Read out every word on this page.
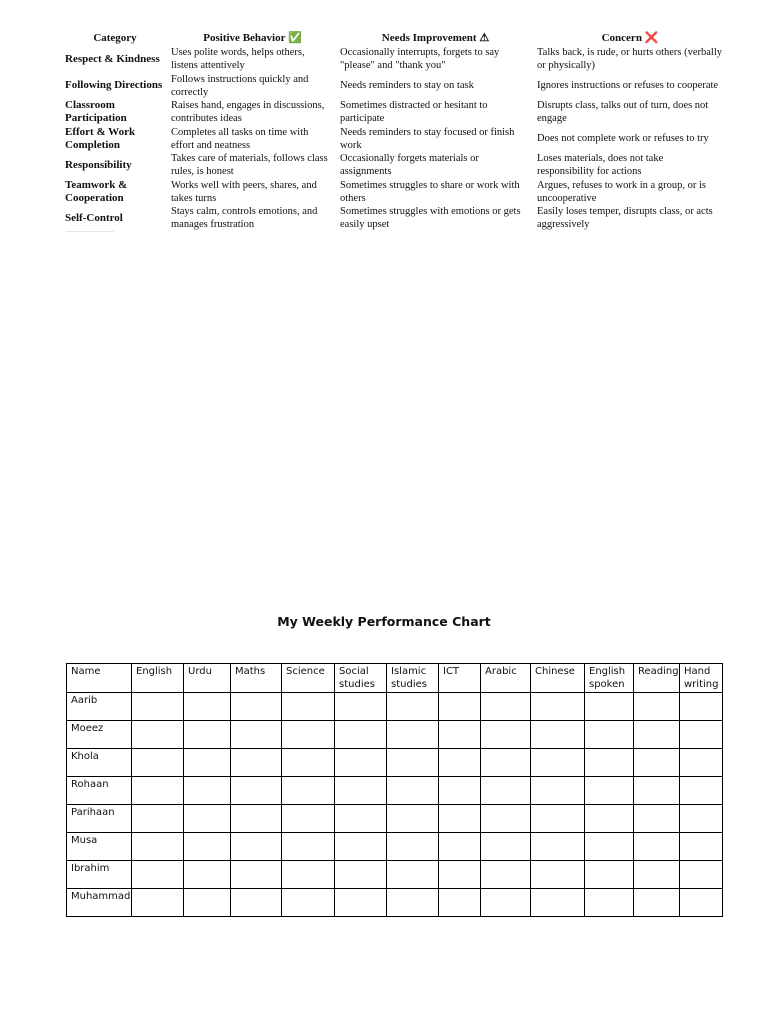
Category	Positive Behavior ✅	Needs Improvement ⚠	Concern ❌
Respect & Kindness	Uses polite words, helps others, listens attentively	Occasionally interrupts, forgets to say "please" and "thank you"	Talks back, is rude, or hurts others (verbally or physically)
Following Directions	Follows instructions quickly and correctly	Needs reminders to stay on task	Ignores instructions or refuses to cooperate
Classroom Participation	Raises hand, engages in discussions, contributes ideas	Sometimes distracted or hesitant to participate	Disrupts class, talks out of turn, does not engage
Effort & Work Completion	Completes all tasks on time with effort and neatness	Needs reminders to stay focused or finish work	Does not complete work or refuses to try
Responsibility	Takes care of materials, follows class rules, is honest	Occasionally forgets materials or assignments	Loses materials, does not take responsibility for actions
Teamwork & Cooperation	Works well with peers, shares, and takes turns	Sometimes struggles to share or work with others	Argues, refuses to work in a group, or is uncooperative
Self-Control	Stays calm, controls emotions, and manages frustration	Sometimes struggles with emotions or gets easily upset	Easily loses temper, disrupts class, or acts aggressively
My Weekly Performance Chart
Name	English	Urdu	Maths	Science	Social studies	Islamic studies	ICT	Arabic	Chinese	English spoken	Reading	Hand writing
Aarib												
Moeez												
Khola												
Rohaan												
Parihaan												
Musa												
Ibrahim												
Muhammad												
